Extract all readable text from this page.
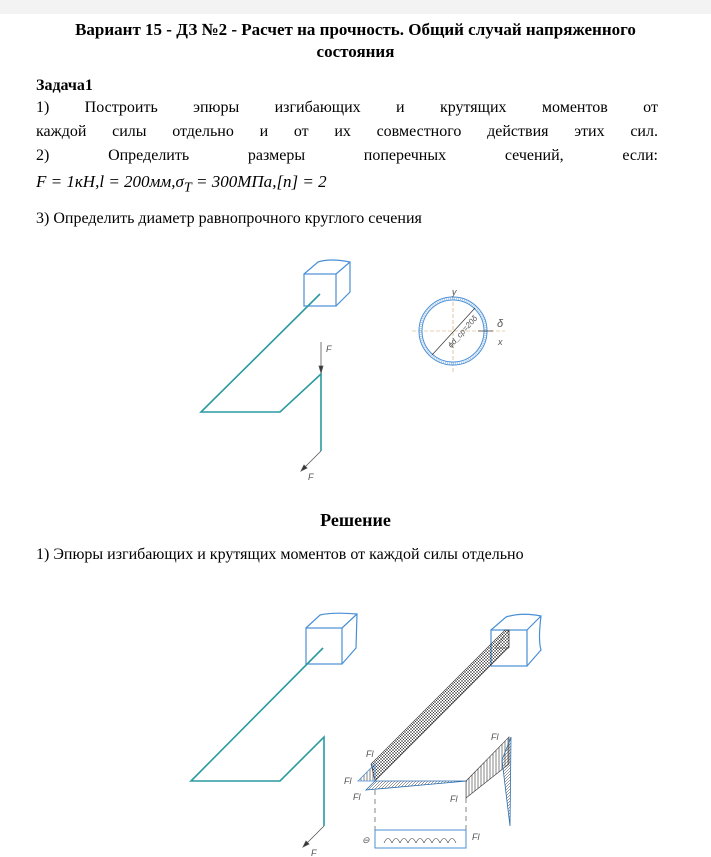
Вариант 15 - ДЗ №2 - Расчет на прочность. Общий случай напряженного
состояния
Задача1
1) Построить эпюры изгибающих и крутящих моментов от
каждой силы отдельно и от их совместного действия этих сил.
2)	Определить	размеры	поперечных	сечений,	если:
$F = 1кН,l = 200мм,\sigma_T = 300МПа,[n] = 2$
3) Определить диаметр равнопрочного круглого сечения
F
F
y
x
δ
ϕd_ср=20δ
Решение
1) Эпюры изгибающих и крутящих моментов от каждой силы отдельно
F
⊖
Fl
Fl
Fl	Fl
Fl
Fl
